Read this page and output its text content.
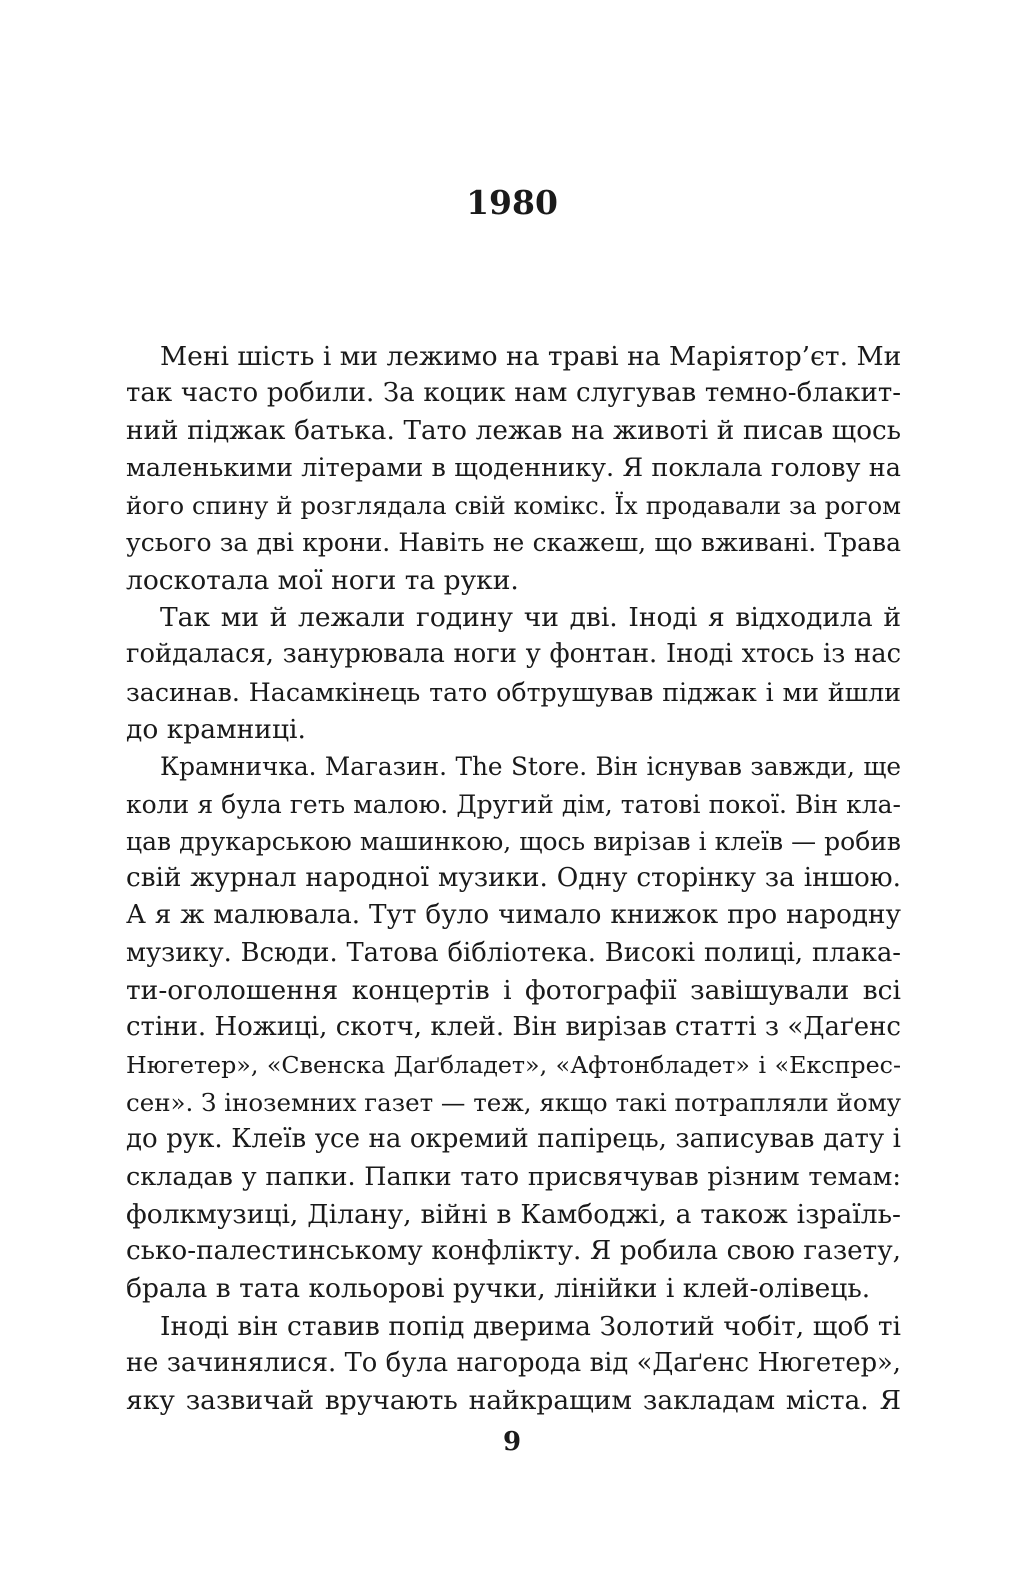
1980
Мені шість і ми лежимо на траві на Маріятор’єт. Ми
так часто робили. За коцик нам слугував темно-блакит-
ний піджак батька. Тато лежав на животі й писав щось
маленькими літерами в щоденнику. Я поклала голову на
його спину й розглядала свій комікс. Їх продавали за рогом
усього за дві крони. Навіть не скажеш, що вживані. Трава
лоскотала мої ноги та руки.
Так ми й лежали годину чи дві. Іноді я відходила й
гойдалася, занурювала ноги у фонтан. Іноді хтось із нас
засинав. Насамкінець тато обтрушував піджак і ми йшли
до крамниці.
Крамничка. Магазин. The Store. Він існував завжди, ще
коли я була геть малою. Другий дім, татові покої. Він кла-
цав друкарською машинкою, щось вирізав і клеїв — робив
свій журнал народної музики. Одну сторінку за іншою.
А я ж малювала. Тут було чимало книжок про народну
музику. Всюди. Татова бібліотека. Високі полиці, плака-
ти-оголошення концертів і фотографії завішували всі
стіни. Ножиці, скотч, клей. Він вирізав статті з «Даґенс
Нюгетер», «Свенска Даґбладет», «Афтонбладет» і «Експрес-
сен». З іноземних газет — теж, якщо такі потрапляли йому
до рук. Клеїв усе на окремий папірець, записував дату і
складав у папки. Папки тато присвячував різним темам:
фолкмузиці, Ділану, війні в Камбоджі, а також ізраїль-
сько-палестинському конфлікту. Я робила свою газету,
брала в тата кольорові ручки, лінійки і клей-олівець.
Іноді він ставив попід дверима Золотий чобіт, щоб ті
не зачинялися. То була нагорода від «Даґенс Нюгетер»,
яку зазвичай вручають найкращим закладам міста. Я
9
